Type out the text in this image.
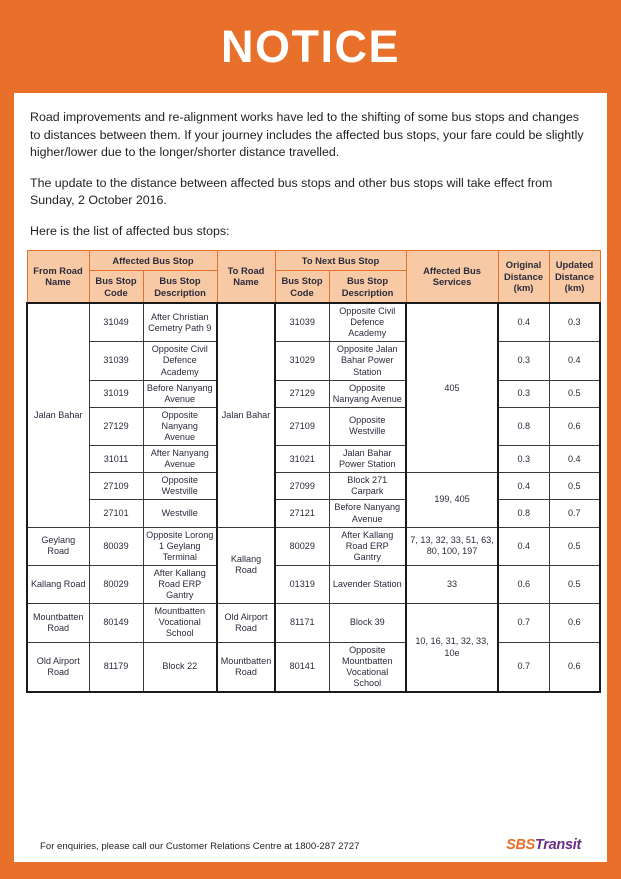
NOTICE

Road improvements and re-alignment works have led to the shifting of some bus stops and changes to distances between them. If your journey includes the affected bus stops, your fare could be slightly higher/lower due to the longer/shorter distance travelled.

The update to the distance between affected bus stops and other bus stops will take effect from Sunday, 2 October 2016.

Here is the list of affected bus stops:

From Road Name	Affected Bus Stop		To Road Name	To Next Bus Stop		Affected Bus Services	Original Distance (km)	Updated Distance (km)
	Bus Stop Code	Bus Stop Description		Bus Stop Code	Bus Stop Description			
Jalan Bahar	31049	After Christian Cemetry Path 9	Jalan Bahar	31039	Opposite Civil Defence Academy	405	0.4	0.3
	31039	Opposite Civil Defence Academy		31029	Opposite Jalan Bahar Power Station		0.3	0.4
	31019	Before Nanyang Avenue		27129	Opposite Nanyang Avenue		0.3	0.5
	27129	Opposite Nanyang Avenue		27109	Opposite Westville		0.8	0.6
	31011	After Nanyang Avenue		31021	Jalan Bahar Power Station		0.3	0.4
	27109	Opposite Westville		27099	Block 271 Carpark	199, 405	0.4	0.5
	27101	Westville		27121	Before Nanyang Avenue		0.8	0.7
Geylang Road	80039	Opposite Lorong 1 Geylang Terminal	Kallang Road	80029	After Kallang Road ERP Gantry	7, 13, 32, 33, 51, 63, 80, 100, 197	0.4	0.5
Kallang Road	80029	After Kallang Road ERP Gantry		01319	Lavender Station	33	0.6	0.5
Mountbatten Road	80149	Mountbatten Vocational School	Old Airport Road	81171	Block 39	10, 16, 31, 32, 33, 10e	0.7	0.6
Old Airport Road	81179	Block 22	Mountbatten Road	80141	Opposite Mountbatten Vocational School		0.7	0.6
For enquiries, please call our Customer Relations Centre at 1800-287 2727	SBSTransit
